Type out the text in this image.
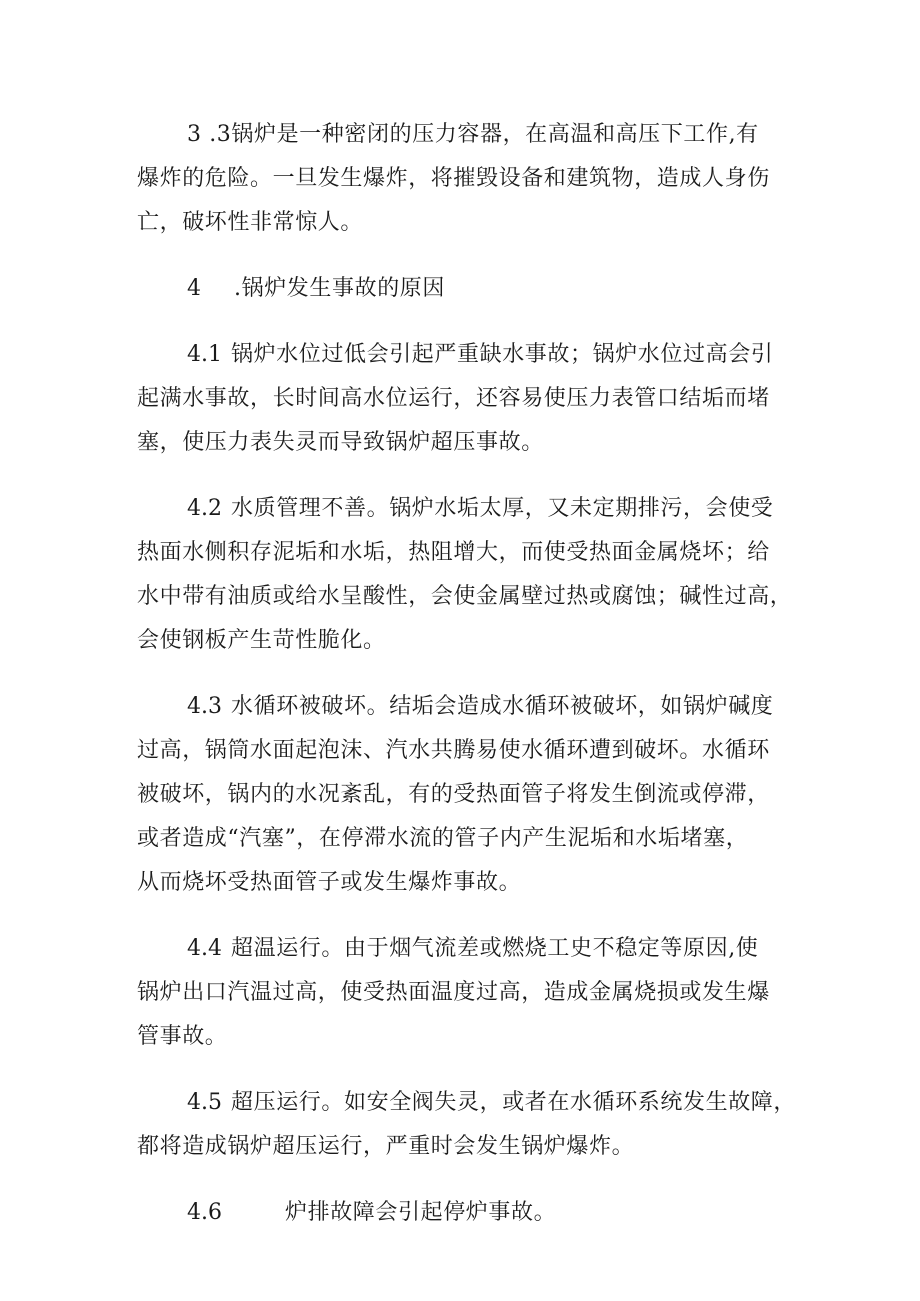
3 .3锅炉是一种密闭的压力容器，在高温和高压下工作,有
爆炸的危险。一旦发生爆炸，将摧毁设备和建筑物，造成人身伤
亡，破坏性非常惊人。

4 .锅炉发生事故的原因

4.1 锅炉水位过低会引起严重缺水事故；锅炉水位过高会引
起满水事故，长时间高水位运行，还容易使压力表管口结垢而堵
塞，使压力表失灵而导致锅炉超压事故。

4.2 水质管理不善。锅炉水垢太厚，又未定期排污，会使受
热面水侧积存泥垢和水垢，热阻增大，而使受热面金属烧坏；给
水中带有油质或给水呈酸性，会使金属壁过热或腐蚀；碱性过高，
会使钢板产生苛性脆化。

4.3 水循环被破坏。结垢会造成水循环被破坏，如锅炉碱度
过高，锅筒水面起泡沫、汽水共腾易使水循环遭到破坏。水循环
被破坏，锅内的水况紊乱，有的受热面管子将发生倒流或停滞，
或者造成“汽塞”，在停滞水流的管子内产生泥垢和水垢堵塞，
从而烧坏受热面管子或发生爆炸事故。

4.4 超温运行。由于烟气流差或燃烧工史不稳定等原因,使
锅炉出口汽温过高，使受热面温度过高，造成金属烧损或发生爆
管事故。

4.5 超压运行。如安全阀失灵，或者在水循环系统发生故障，
都将造成锅炉超压运行，严重时会发生锅炉爆炸。

4.6	炉排故障会引起停炉事故。
